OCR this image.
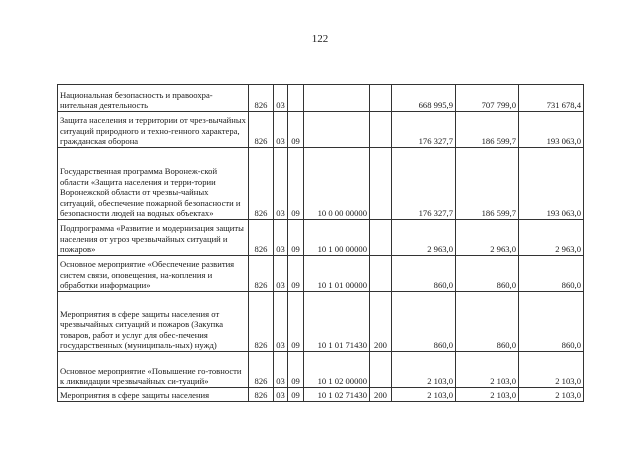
122
Национальная безопасность и правоохра-нительная деятельность	826	03				668 995,9	707 799,0	731 678,4
Защита населения и территории от чрез-вычайных ситуаций природного и техно-генного характера, гражданская оборона	826	03	09			176 327,7	186 599,7	193 063,0
Государственная программа Воронеж-ской области «Защита населения и терри-тории Воронежской области от чрезвы-чайных ситуаций, обеспечение пожарной безопасности и безопасности людей на водных объектах»	826	03	09	10 0 00 00000		176 327,7	186 599,7	193 063,0
Подпрограмма «Развитие и модернизация защиты населения от угроз чрезвычайных ситуаций и пожаров»	826	03	09	10 1 00 00000		2 963,0	2 963,0	2 963,0
Основное мероприятие «Обеспечение развития систем связи, оповещения, на-копления и обработки информации»	826	03	09	10 1 01 00000		860,0	860,0	860,0
Мероприятия в сфере защиты населения от чрезвычайных ситуаций и пожаров (Закупка товаров, работ и услуг для обес-печения государственных (муниципаль-ных) нужд)	826	03	09	10 1 01 71430	200	860,0	860,0	860,0
Основное мероприятие «Повышение го-товности к ликвидации чрезвычайных си-туаций»	826	03	09	10 1 02 00000		2 103,0	2 103,0	2 103,0
Мероприятия в сфере защиты населения	826	03	09	10 1 02 71430	200	2 103,0	2 103,0	2 103,0
